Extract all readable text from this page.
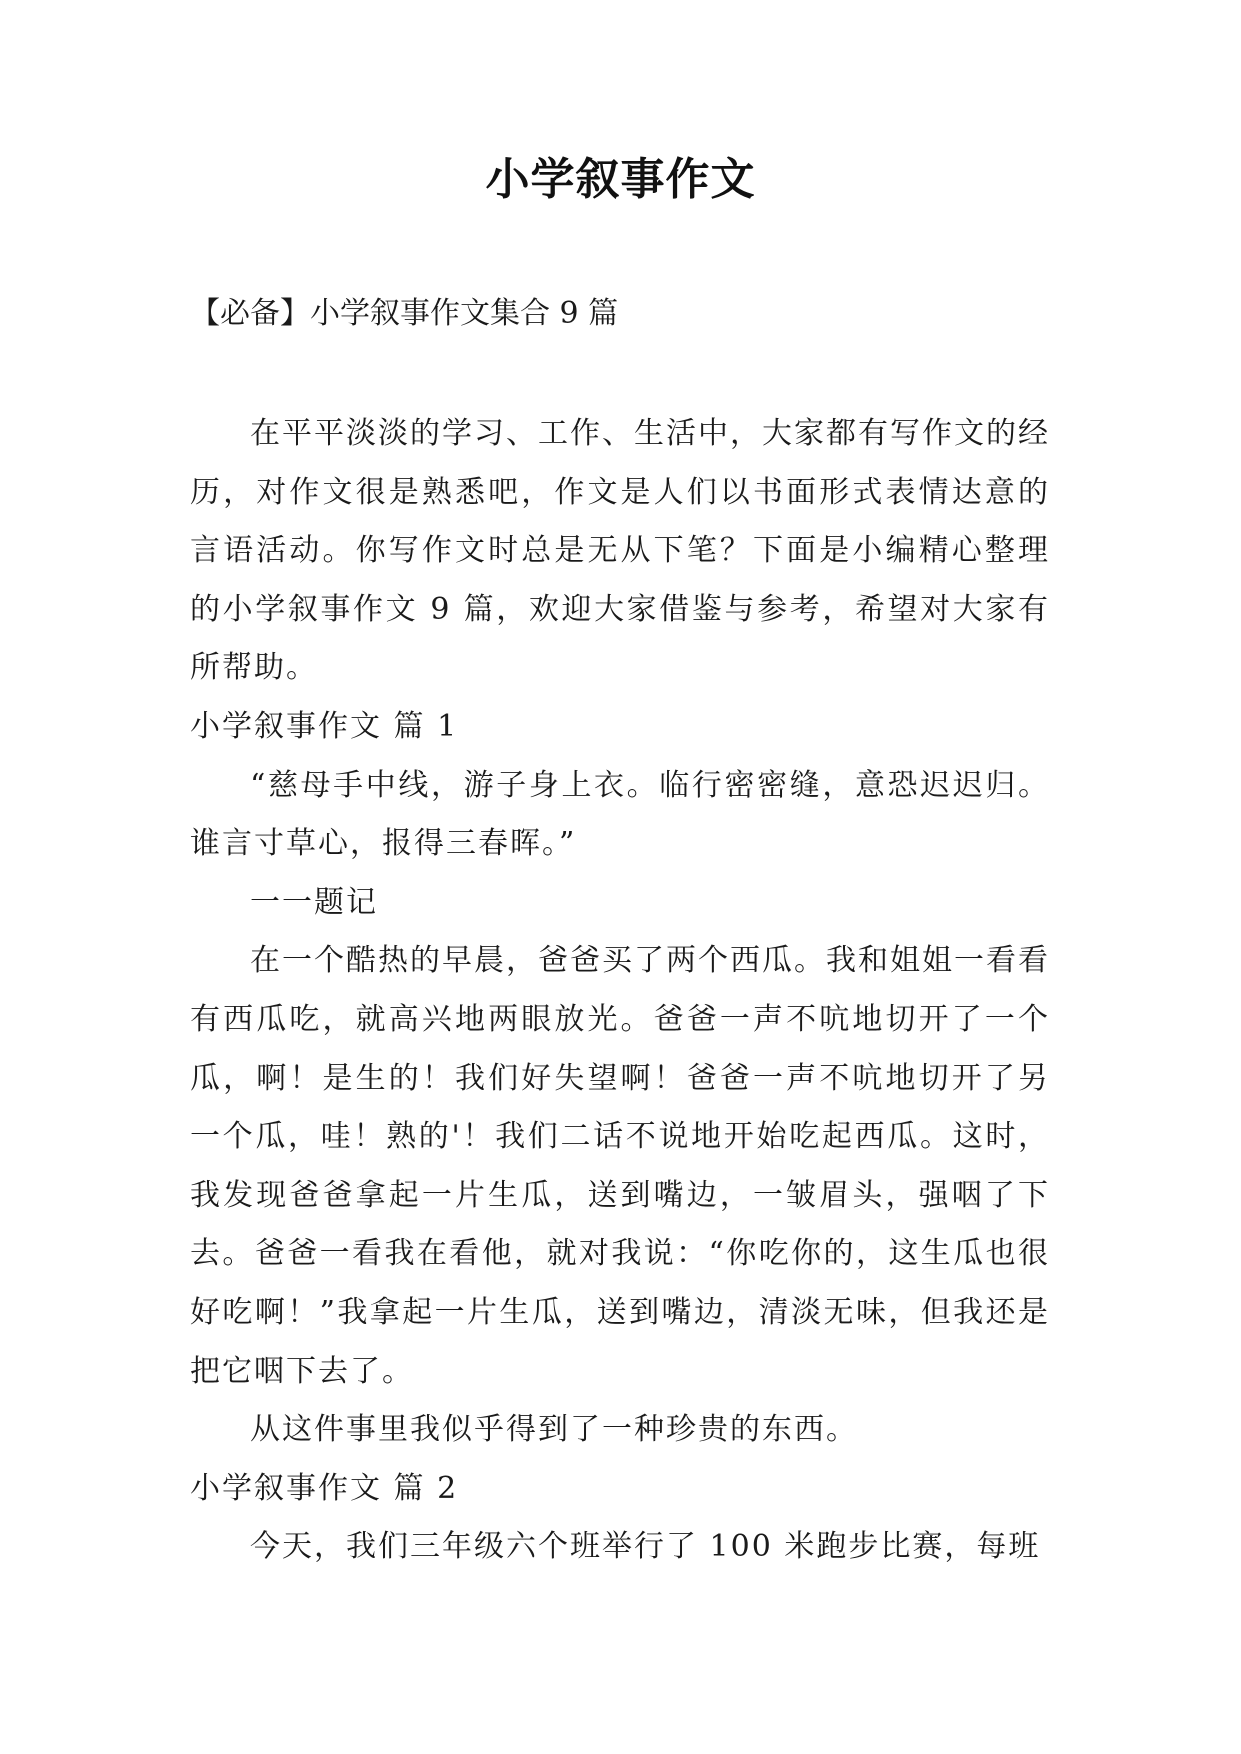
小学叙事作文
【必备】小学叙事作文集合 9 篇

在平平淡淡的学习、工作、生活中，大家都有写作文的经历，对作文很是熟悉吧，作文是人们以书面形式表情达意的言语活动。你写作文时总是无从下笔？下面是小编精心整理的小学叙事作文 9 篇，欢迎大家借鉴与参考，希望对大家有所帮助。

小学叙事作文 篇 1

“慈母手中线，游子身上衣。临行密密缝，意恐迟迟归。谁言寸草心，报得三春晖。”

一一题记

在一个酷热的早晨，爸爸买了两个西瓜。我和姐姐一看看有西瓜吃，就高兴地两眼放光。爸爸一声不吭地切开了一个瓜，啊！是生的！我们好失望啊！爸爸一声不吭地切开了另一个瓜，哇！熟的'！我们二话不说地开始吃起西瓜。这时，我发现爸爸拿起一片生瓜，送到嘴边，一皱眉头，强咽了下去。爸爸一看我在看他，就对我说：“你吃你的，这生瓜也很好吃啊！”我拿起一片生瓜，送到嘴边，清淡无味，但我还是把它咽下去了。

从这件事里我似乎得到了一种珍贵的东西。

小学叙事作文 篇 2

今天，我们三年级六个班举行了 100 米跑步比赛，每班
